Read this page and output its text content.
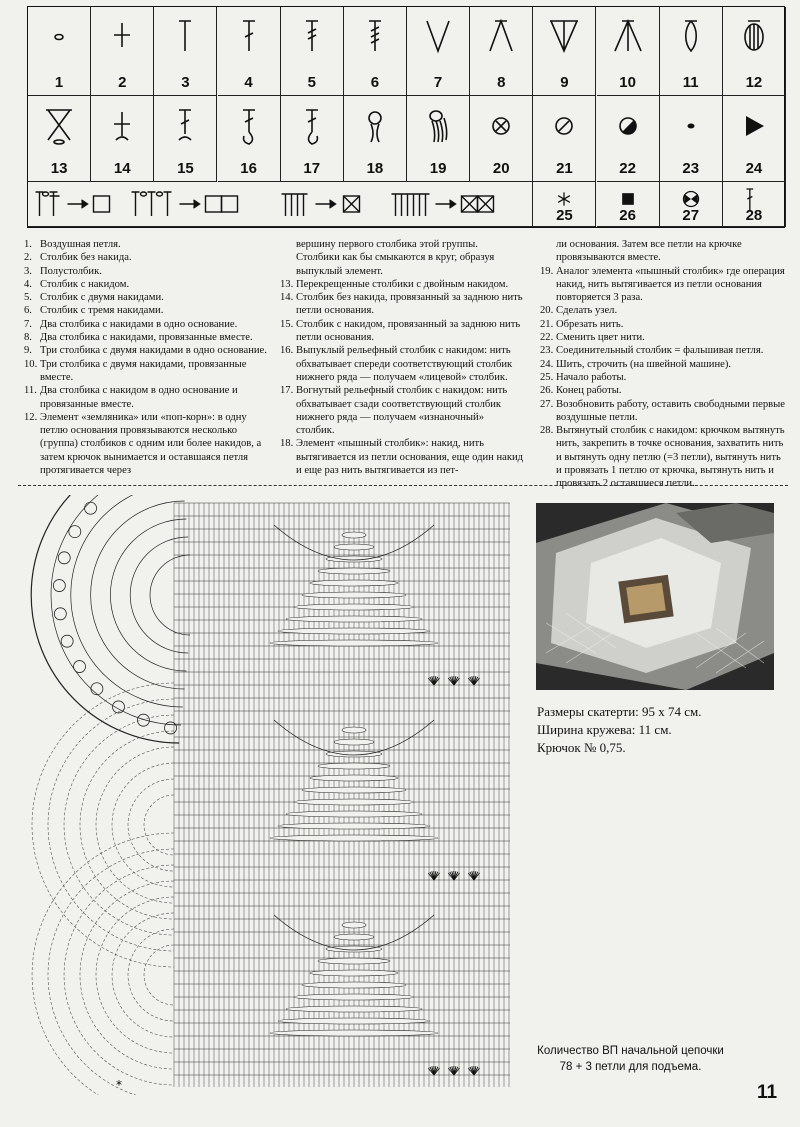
1	2	3	4	5	6	7	8	9	10	11	12
13	14	15	16	17	18	19	20	21	22	23	24
25	26	27	28
1. Воздушная петля.
2. Столбик без накида.
3. Полустолбик.
4. Столбик с накидом.
5. Столбик с двумя накидами.
6. Столбик с тремя накидами.
7. Два столбика с накидами в одно основание.
8. Два столбика с накидами, провязанные вместе.
9. Три столбика с двумя накидами в одно основание.
10. Три столбика с двумя накидами, провязанные вместе.
11. Два столбика с накидом в одно основание и провязанные вместе.
12. Элемент «земляника» или «поп-корн»: в одну петлю основания провязываются несколько (группа) столбиков с одним или более накидов, а затем крючок вынимается и оставшаяся петля протягивается через
вершину первого столбика этой группы. Столбики как бы смыкаются в круг, образуя выпуклый элемент.
13. Перекрещенные столбики с двойным накидом.
14. Столбик без накида, провязанный за заднюю нить петли основания.
15. Столбик с накидом, провязанный за заднюю нить петли основания.
16. Выпуклый рельефный столбик с накидом: нить обхватывает спереди соответствующий столбик нижнего ряда — получаем «лицевой» столбик.
17. Вогнутый рельефный столбик с накидом: нить обхватывает сзади соответствующий столбик нижнего ряда — получаем «изнаночный» столбик.
18. Элемент «пышный столбик»: накид, нить вытягивается из петли основания, еще один накид и еще раз нить вытягивается из пет-
ли основания. Затем все петли на крючке провязываются вместе.
19. Аналог элемента «пышный столбик» где операция накид, нить вытягивается из петли основания повторяется 3 раза.
20. Сделать узел.
21. Обрезать нить.
22. Сменить цвет нити.
23. Соединительный столбик = фальшивая петля.
24. Шить, строчить (на швейной машине).
25. Начало работы.
26. Конец работы.
27. Возобновить работу, оставить свободными первые воздушные петли.
28. Вытянутый столбик с накидом: крючком вытянуть нить, закрепить в точке основания, захватить нить и вытянуть одну петлю (=3 петли), вытянуть нить и провязать 1 петлю от крючка, вытянуть нить и провязать 2 оставшиеся петли.
*
Размеры скатерти: 95 х 74 см.
Ширина кружева: 11 см.
Крючок № 0,75.
Количество ВП начальной цепочки
78 + 3 петли для подъема.
11
